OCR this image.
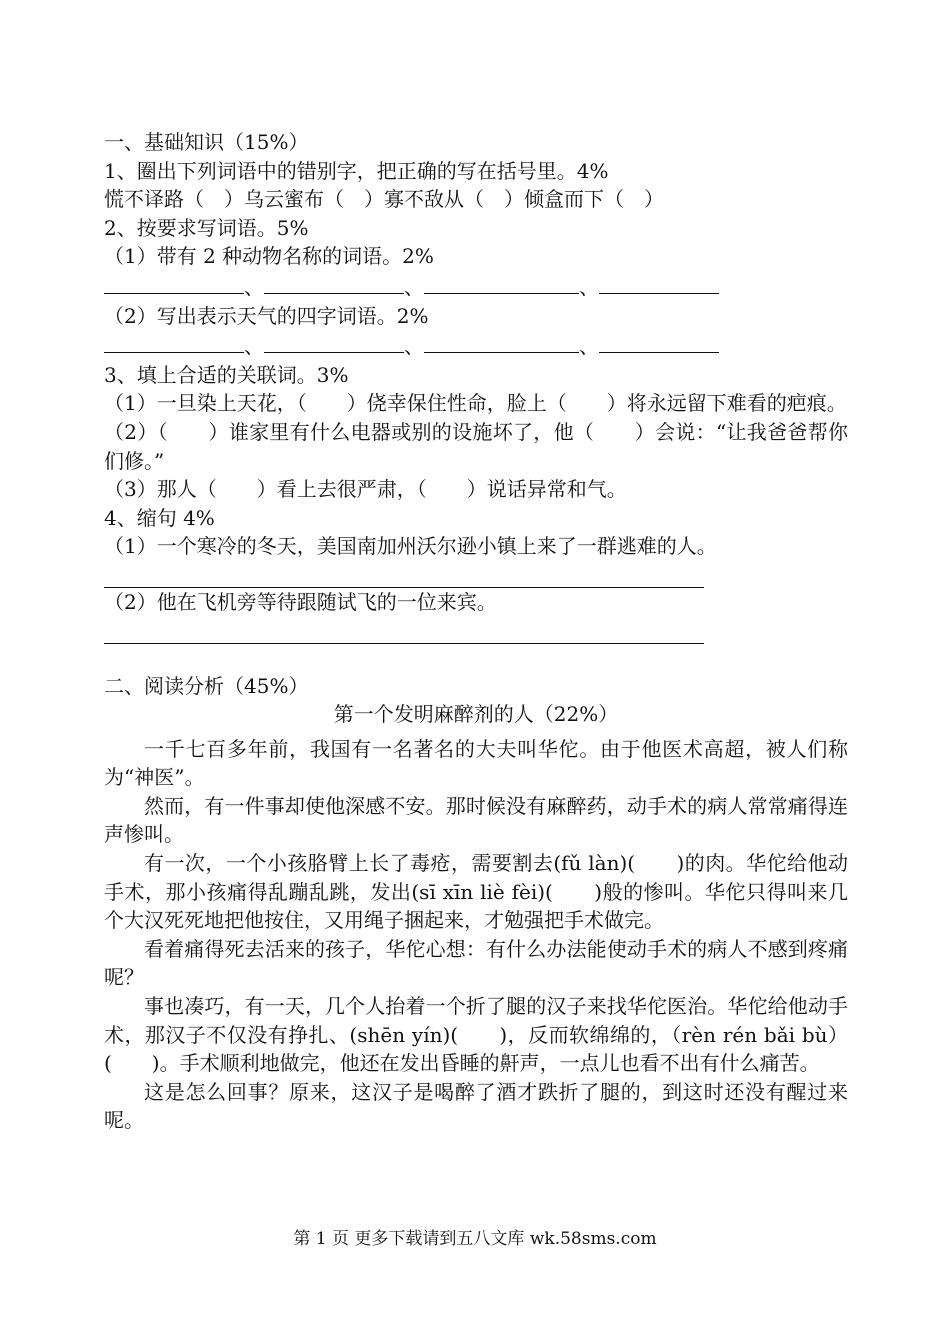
一、基础知识（15%）
1、圈出下列词语中的错别字，把正确的写在括号里。4%
慌不译路（　）乌云蜜布（　）寡不敌从（　）倾盒而下（　）
2、按要求写词语。5%
（1）带有 2 种动物名称的词语。2%
、	、	、
（2）写出表示天气的四字词语。2%
、	、	、
3、填上合适的关联词。3%
（1）一旦染上天花，（　　）侥幸保住性命，脸上（　　）将永远留下难看的疤痕。
（2）（　　）谁家里有什么电器或别的设施坏了，他（　　）会说：“让我爸爸帮你们修。”
（3）那人（　　）看上去很严肃，（　　）说话异常和气。
4、缩句 4%
（1）一个寒冷的冬天，美国南加州沃尔逊小镇上来了一群逃难的人。
（2）他在飞机旁等待跟随试飞的一位来宾。
二、阅读分析（45%）
第一个发明麻醉剂的人（22%）
一千七百多年前，我国有一名著名的大夫叫华佗。由于他医术高超，被人们称为“神医”。
然而，有一件事却使他深感不安。那时候没有麻醉药，动手术的病人常常痛得连声惨叫。
有一次，一个小孩胳臂上长了毒疮，需要割去(fǔ làn)(　　)的肉。华佗给他动手术，那小孩痛得乱蹦乱跳，发出(sī xīn liè fèi)(　　)般的惨叫。华佗只得叫来几个大汉死死地把他按住，又用绳子捆起来，才勉强把手术做完。
看着痛得死去活来的孩子，华佗心想：有什么办法能使动手术的病人不感到疼痛呢？
事也凑巧，有一天，几个人抬着一个折了腿的汉子来找华佗医治。华佗给他动手术，那汉子不仅没有挣扎、(shēn yín)(　　)，反而软绵绵的，（rèn rén bǎi bù）(　　)。手术顺利地做完，他还在发出昏睡的鼾声，一点儿也看不出有什么痛苦。
这是怎么回事？原来，这汉子是喝醉了酒才跌折了腿的，到这时还没有醒过来呢。
第 1 页 更多下载请到五八文库 wk.58sms.com
